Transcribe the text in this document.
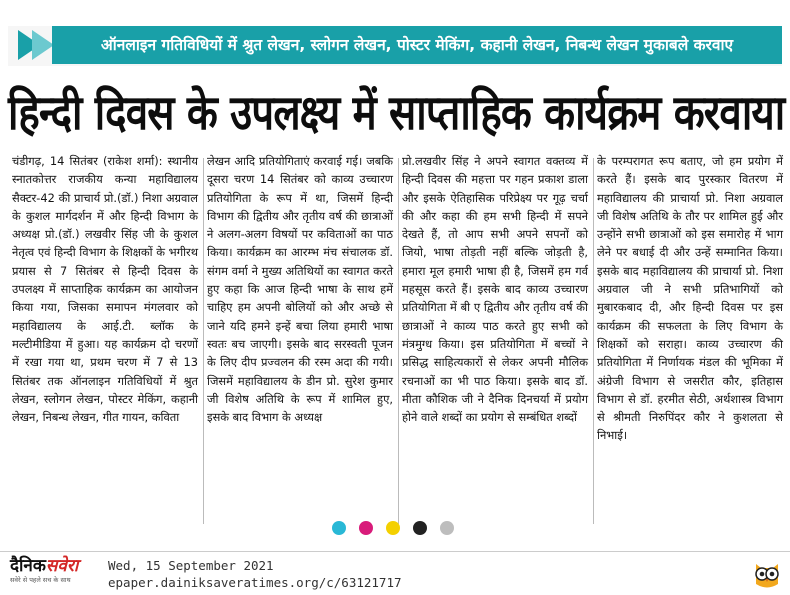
ऑनलाइन गतिविधियों में श्रुत लेखन, स्लोगन लेखन, पोस्टर मेकिंग, कहानी लेखन, निबन्ध लेखन मुकाबले करवाए
हिन्दी दिवस के उपलक्ष्य में साप्ताहिक कार्यक्रम करवाया

चंडीगढ़, 14 सितंबर (राकेश शर्मा): स्थानीय स्नातकोत्तर राजकीय कन्या महाविद्यालय सैक्टर-42 की प्राचार्य प्रो.(डॉ.) निशा अग्रवाल के कुशल मार्गदर्शन में और हिन्दी विभाग के अध्यक्ष प्रो.(डॉ.) लखवीर सिंह जी के कुशल नेतृत्व एवं हिन्दी विभाग के शिक्षकों के भगीरथ प्रयास से 7 सितंबर से हिन्दी दिवस के उपलक्ष्य में साप्ताहिक कार्यक्रम का आयोजन किया गया, जिसका समापन मंगलवार को महाविद्यालय के आई.टी. ब्लॉक के मल्टीमीडिया में हुआ। यह कार्यक्रम दो चरणों में रखा गया था, प्रथम चरण में 7 से 13 सितंबर तक ऑनलाइन गतिविधियों में श्रुत लेखन, स्लोगन लेखन, पोस्टर मेकिंग, कहानी लेखन, निबन्ध लेखन, गीत गायन, कविता

लेखन आदि प्रतियोगिताएं करवाई गई। जबकि दूसरा चरण 14 सितंबर को काव्य उच्चारण प्रतियोगिता के रूप में था, जिसमें हिन्दी विभाग की द्वितीय और तृतीय वर्ष की छात्राओं ने अलग-अलग विषयों पर कविताओं का पाठ किया। कार्यक्रम का आरम्भ मंच संचालक डॉ. संगम वर्मा ने मुख्य अतिथियों का स्वागत करते हुए कहा कि आज हिन्दी भाषा के साथ हमें चाहिए हम अपनी बोलियों को और अच्छे से जाने यदि हमने इन्हें बचा लिया हमारी भाषा स्वतः बच जाएगी। इसके बाद सरस्वती पूजन के लिए दीप प्रज्वलन की रस्म अदा की गयी। जिसमें महाविद्यालय के डीन प्रो. सुरेश कुमार जी विशेष अतिथि के रूप में शामिल हुए, इसके बाद विभाग के अध्यक्ष

प्रो.लखवीर सिंह ने अपने स्वागत वक्तव्य में हिन्दी दिवस की महत्ता पर गहन प्रकाश डाला और इसके ऐतिहासिक परिप्रेक्ष्य पर गूढ़ चर्चा की और कहा की हम सभी हिन्दी में सपने देखते हैं, तो आप सभी अपने सपनों को जियो, भाषा तोड़ती नहीं बल्कि जोड़ती है, हमारा मूल हमारी भाषा ही है, जिसमें हम गर्व महसूस करते हैं। इसके बाद काव्य उच्चारण प्रतियोगिता में बी ए द्वितीय और तृतीय वर्ष की छात्राओं ने काव्य पाठ करते हुए सभी को मंत्रमुग्ध किया। इस प्रतियोगिता में बच्चों ने प्रसिद्ध साहित्यकारों से लेकर अपनी मौलिक रचनाओं का भी पाठ किया। इसके बाद डॉ. मीता कौशिक जी ने दैनिक दिनचर्या में प्रयोग होने वाले शब्दों का प्रयोग से सम्बंधित शब्दों

के परम्परागत रूप बताए, जो हम प्रयोग में करते हैं। इसके बाद पुरस्कार वितरण में महाविद्यालय की प्राचार्या प्रो. निशा अग्रवाल जी विशेष अतिथि के तौर पर शामिल हुई और उन्होंने सभी छात्राओं को इस समारोह में भाग लेने पर बधाई दी और उन्हें सम्मानित किया। इसके बाद महाविद्यालय की प्राचार्या प्रो. निशा अग्रवाल जी ने सभी प्रतिभागियों को मुबारकबाद दी, और हिन्दी दिवस पर इस कार्यक्रम की सफलता के लिए विभाग के शिक्षकों को सराहा। काव्य उच्चारण की प्रतियोगिता में निर्णायक मंडल की भूमिका में अंग्रेजी विभाग से जसरीत कौर, इतिहास विभाग से डॉ. हरमीत सेठी, अर्थशास्त्र विभाग से श्रीमती निरुपिंदर कौर ने कुशलता से निभाई।

दैनिकसवेरा
सवेरे से पहले सच के साथ
Wed, 15 September 2021
epaper.dainiksaveratimes.org/c/63121717
